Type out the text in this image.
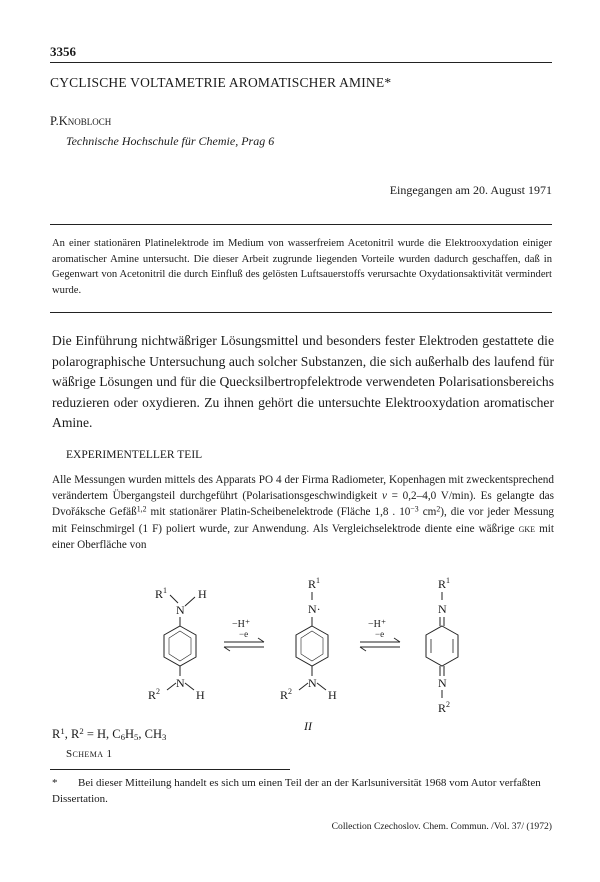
3356
CYCLISCHE VOLTAMETRIE AROMATISCHER AMINE*
P.Knobloch
Technische Hochschule für Chemie, Prag 6
Eingegangen am 20. August 1971
An einer stationären Platinelektrode im Medium von wasserfreiem Acetonitril wurde die Elektrooxydation einiger aromatischer Amine untersucht. Die dieser Arbeit zugrunde liegenden Vorteile wurden dadurch geschaffen, daß in Gegenwart von Acetonitril die durch Einfluß des gelösten Luftsauerstoffs verursachte Oxydationsaktivität vermindert wurde.
Die Einführung nichtwäßriger Lösungsmittel und besonders fester Elektroden gestattete die polarographische Untersuchung auch solcher Substanzen, die sich außerhalb des laufend für wäßrige Lösungen und für die Quecksilbertropfelektrode verwendeten Polarisationsbereichs reduzieren oder oxydieren. Zu ihnen gehört die untersuchte Elektrooxydation aromatischer Amine.
EXPERIMENTELLER TEIL
Alle Messungen wurden mittels des Apparats PO 4 der Firma Radiometer, Kopenhagen mit zweckentsprechend verändertem Übergangsteil durchgeführt (Polarisationsgeschwindigkeit v = 0,2–4,0 V/min). Es gelangte das Dvořáksche Gefäß$^{1,2}$ mit stationärer Platin-Scheibenelektrode (Fläche 1,8 . $10^{-3}$ $cm^2$), die vor jeder Messung mit Feinschmirgel (1 F) poliert wurde, zur Anwendung. Als Vergleichselektrode diente eine wäßrige gke mit einer Oberfläche von
$R^1$
N
H
N
$R^2$	H
−H⁺
−e
$R^1$
N·
N
$R^2$	H
II
−H⁺
−e
$R^1$
N
N
$R^2$
$R^1$, $R^2 = H$, $C_6H_5$, $CH_3$
Schema 1
* Bei dieser Mitteilung handelt es sich um einen Teil der an der Karlsuniversität 1968 vom Autor verfaßten Dissertation.
Collection Czechoslov. Chem. Commun. /Vol. 37/ (1972)
